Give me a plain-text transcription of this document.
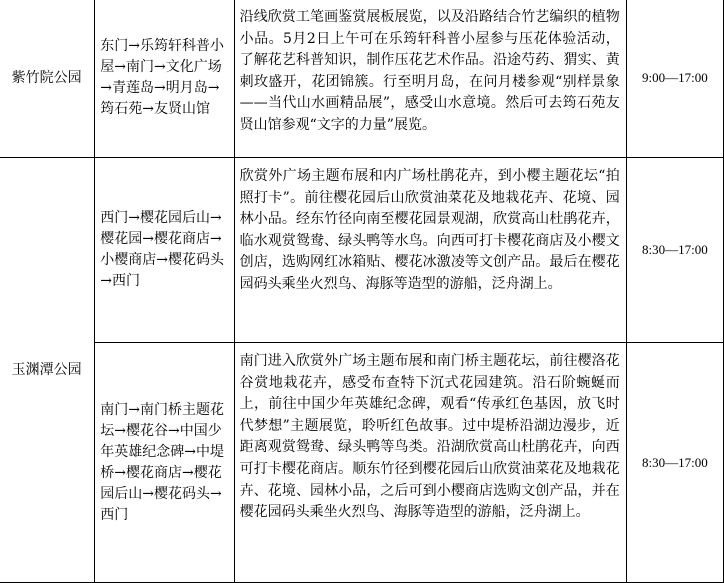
紫竹院公园	东门→乐筠轩科普小屋→南门→文化广场→青莲岛→明月岛→筠石苑→友贤山馆	沿线欣赏工笔画鉴赏展板展览，以及沿路结合竹艺编织的植物小品。5月2日上午可在乐筠轩科普小屋参与压花体验活动，了解花艺科普知识，制作压花艺术作品。沿途芍药、猬实、黄刺玫盛开，花团锦簇。行至明月岛，在问月楼参观“别样景象——当代山水画精品展”，感受山水意境。然后可去筠石苑友贤山馆参观“文字的力量”展览。	9:00—17:00
玉渊潭公园	西门→樱花园后山→樱花园→樱花商店→小樱商店→樱花码头→西门	欣赏外广场主题布展和内广场杜鹃花卉，到小樱主题花坛“拍照打卡”。前往樱花园后山欣赏油菜花及地栽花卉、花境、园林小品。经东竹径向南至樱花园景观湖，欣赏高山杜鹃花卉，临水观赏鸳鸯、绿头鸭等水鸟。向西可打卡樱花商店及小樱文创店，选购网红冰箱贴、樱花冰激凌等文创产品。最后在樱花园码头乘坐火烈鸟、海豚等造型的游船，泛舟湖上。	8:30—17:00

	南门→南门桥主题花坛→樱花谷→中国少年英雄纪念碑→中堤桥→樱花商店→樱花园后山→樱花码头→西门	南门进入欣赏外广场主题布展和南门桥主题花坛，前往樱洛花谷赏地栽花卉，感受布查特下沉式花园建筑。沿石阶蜿蜒而上，前往中国少年英雄纪念碑，观看“传承红色基因，放飞时代梦想”主题展览，聆听红色故事。过中堤桥沿湖边漫步，近距离观赏鸳鸯、绿头鸭等鸟类。沿湖欣赏高山杜鹃花卉，向西可打卡樱花商店。顺东竹径到樱花园后山欣赏油菜花及地栽花卉、花境、园林小品，之后可到小樱商店选购文创产品，并在樱花园码头乘坐火烈鸟、海豚等造型的游船，泛舟湖上。	8:30—17:00
